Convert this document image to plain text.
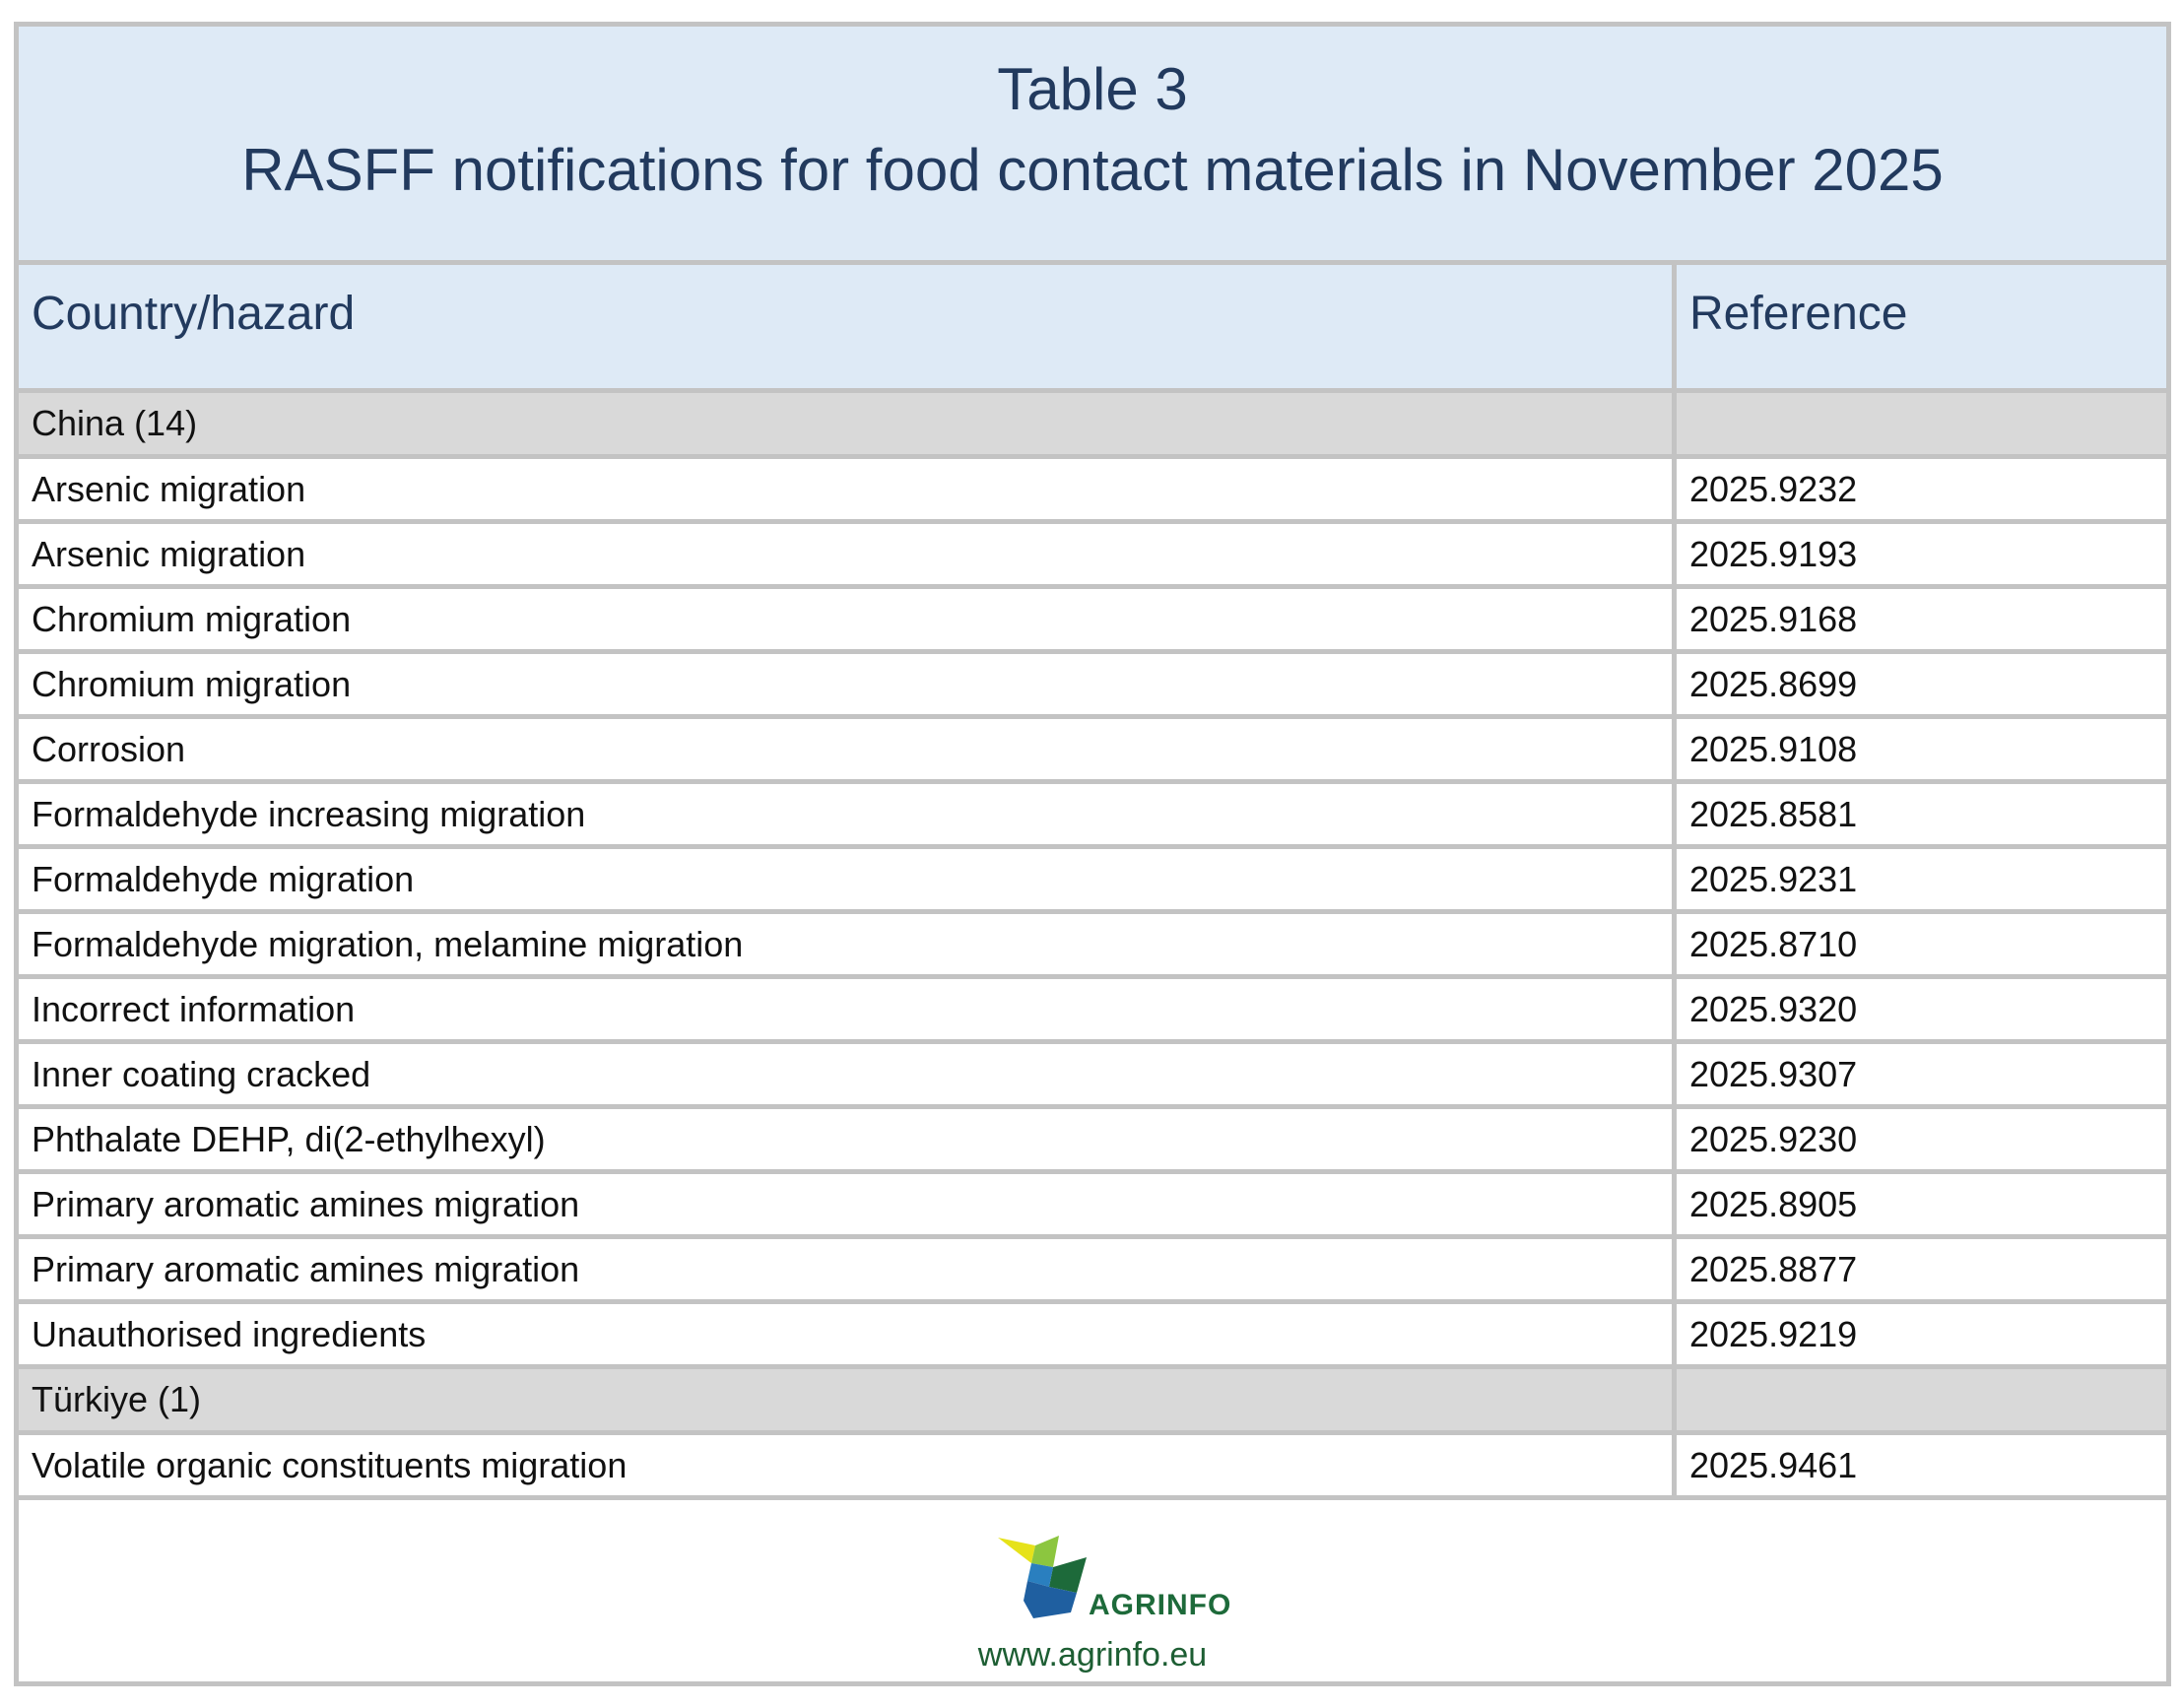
Table 3
RASFF notifications for food contact materials in November 2025
Country/hazard	Reference
China (14)
Arsenic migration	2025.9232
Arsenic migration	2025.9193
Chromium migration	2025.9168
Chromium migration	2025.8699
Corrosion	2025.9108
Formaldehyde increasing migration	2025.8581
Formaldehyde migration	2025.9231
Formaldehyde migration, melamine migration	2025.8710
Incorrect information	2025.9320
Inner coating cracked	2025.9307
Phthalate DEHP, di(2-ethylhexyl)	2025.9230
Primary aromatic amines migration	2025.8905
Primary aromatic amines migration	2025.8877
Unauthorised ingredients	2025.9219
Türkiye (1)
Volatile organic constituents migration	2025.9461
AGRINFO
www.agrinfo.eu
